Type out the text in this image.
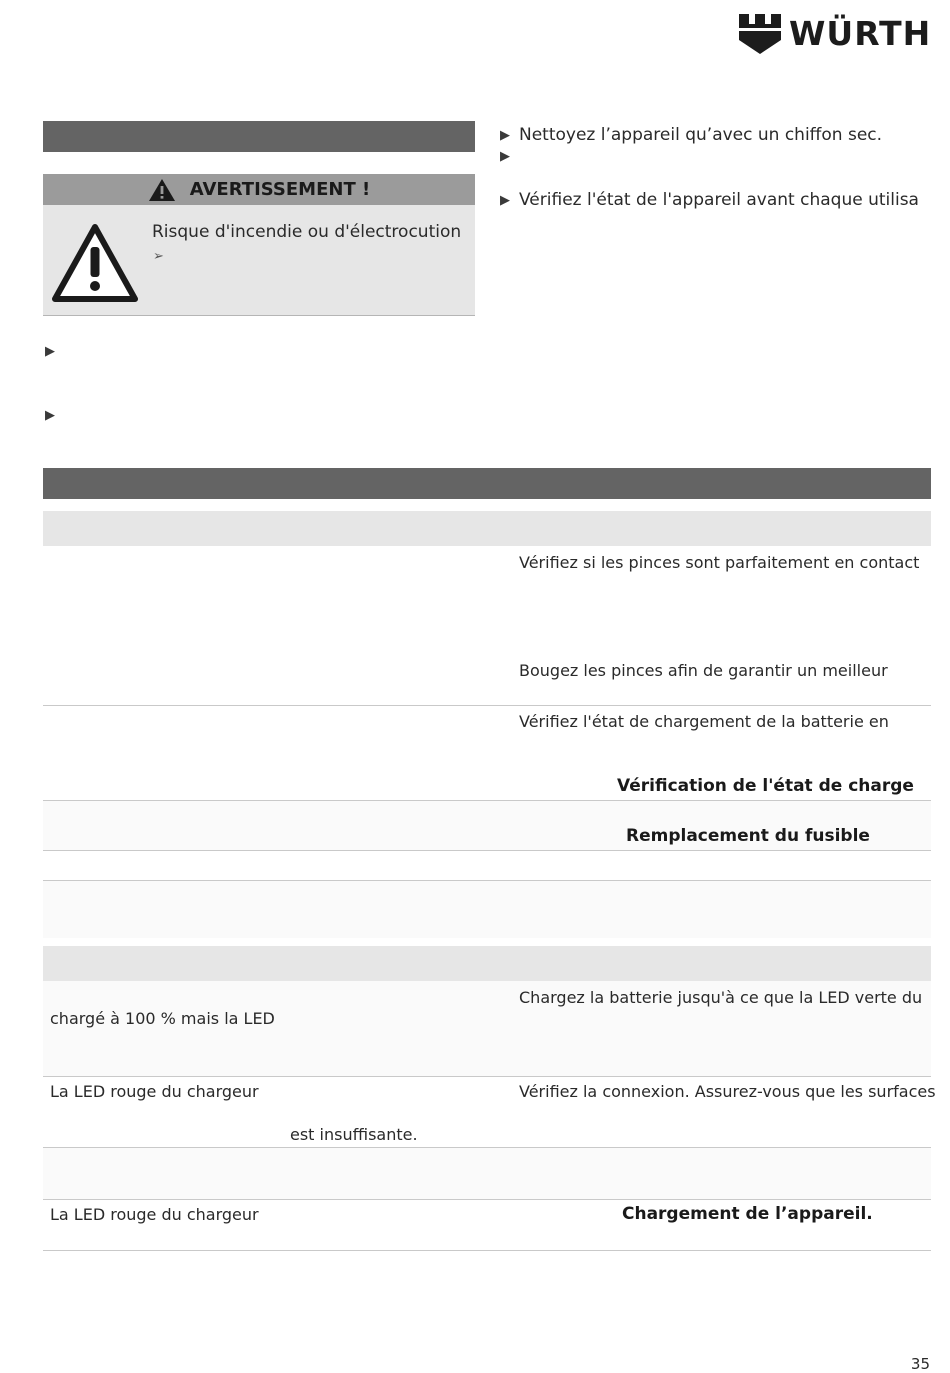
WÜRTH
AVERTISSEMENT !
Risque d'incendie ou d'électrocution
➢
▶
▶
▶ Nettoyez l’appareil qu’avec un chiffon sec.
▶
▶ Vérifiez l'état de l'appareil avant chaque utilisa
Vérifiez si les pinces sont parfaitement en contact
Bougez les pinces afin de garantir un meilleur
Vérifiez l'état de chargement de la batterie en
Vérification de l'état de charge
Remplacement du fusible
chargé à 100 % mais la LED
Chargez la batterie jusqu'à ce que la LED verte du
La LED rouge du chargeur
est insuffisante.
Vérifiez la connexion. Assurez-vous que les surfaces
La LED rouge du chargeur	Chargement de l’appareil.
35
